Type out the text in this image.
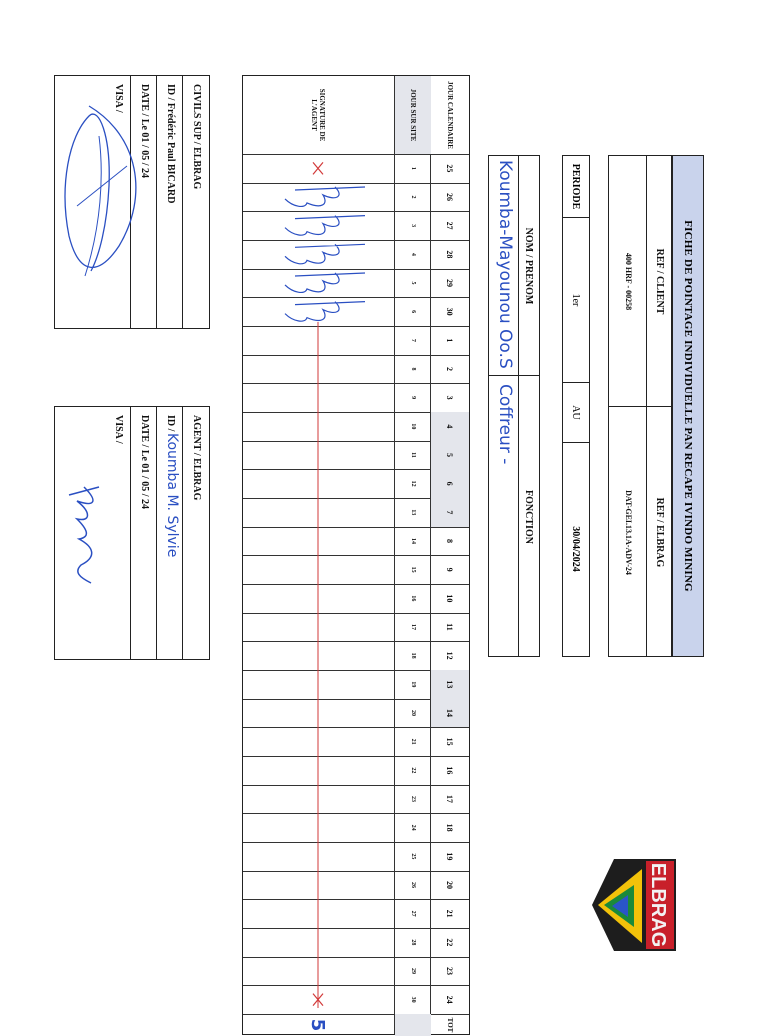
FICHE DE POINTAGE INDIVIDUELLE PAN RECAPE IVINDO MINING
REF / CLIENT
400 HRF - 00258
REF / ELBRAG
DAT-GEI.13.1A-ADV-24
PERIODE
1er
AU
30/04/2024
NOM / PRENOM
Koumba-Mayounou Oo.S
FONCTION
Coffreur -
JOUR CALENDAIRE
JOUR SUR SITE
SIGNATURE DE L'AGENT
25
1
26
2
27
3
28
4
29
5
30
6
1
7
2
8
3
9
4
10
5
11
6
12
7
13
8
14
9
15
10
16
11
17
12
18
13
19
14
20
15
21
16
22
17
23
18
24
19
25
20
26
21
27
22
28
23
29
24
30
TOT
5
CIVILS SUP / ELBRAG
ID / Frédéric Paul BICARD
DATE / Le 01 / 05 / 24
VISA /
AGENT / ELBRAG
ID /
Koumba M. Sylvie
DATE / Le 01 / 05 / 24
VISA /
ELBRAG
